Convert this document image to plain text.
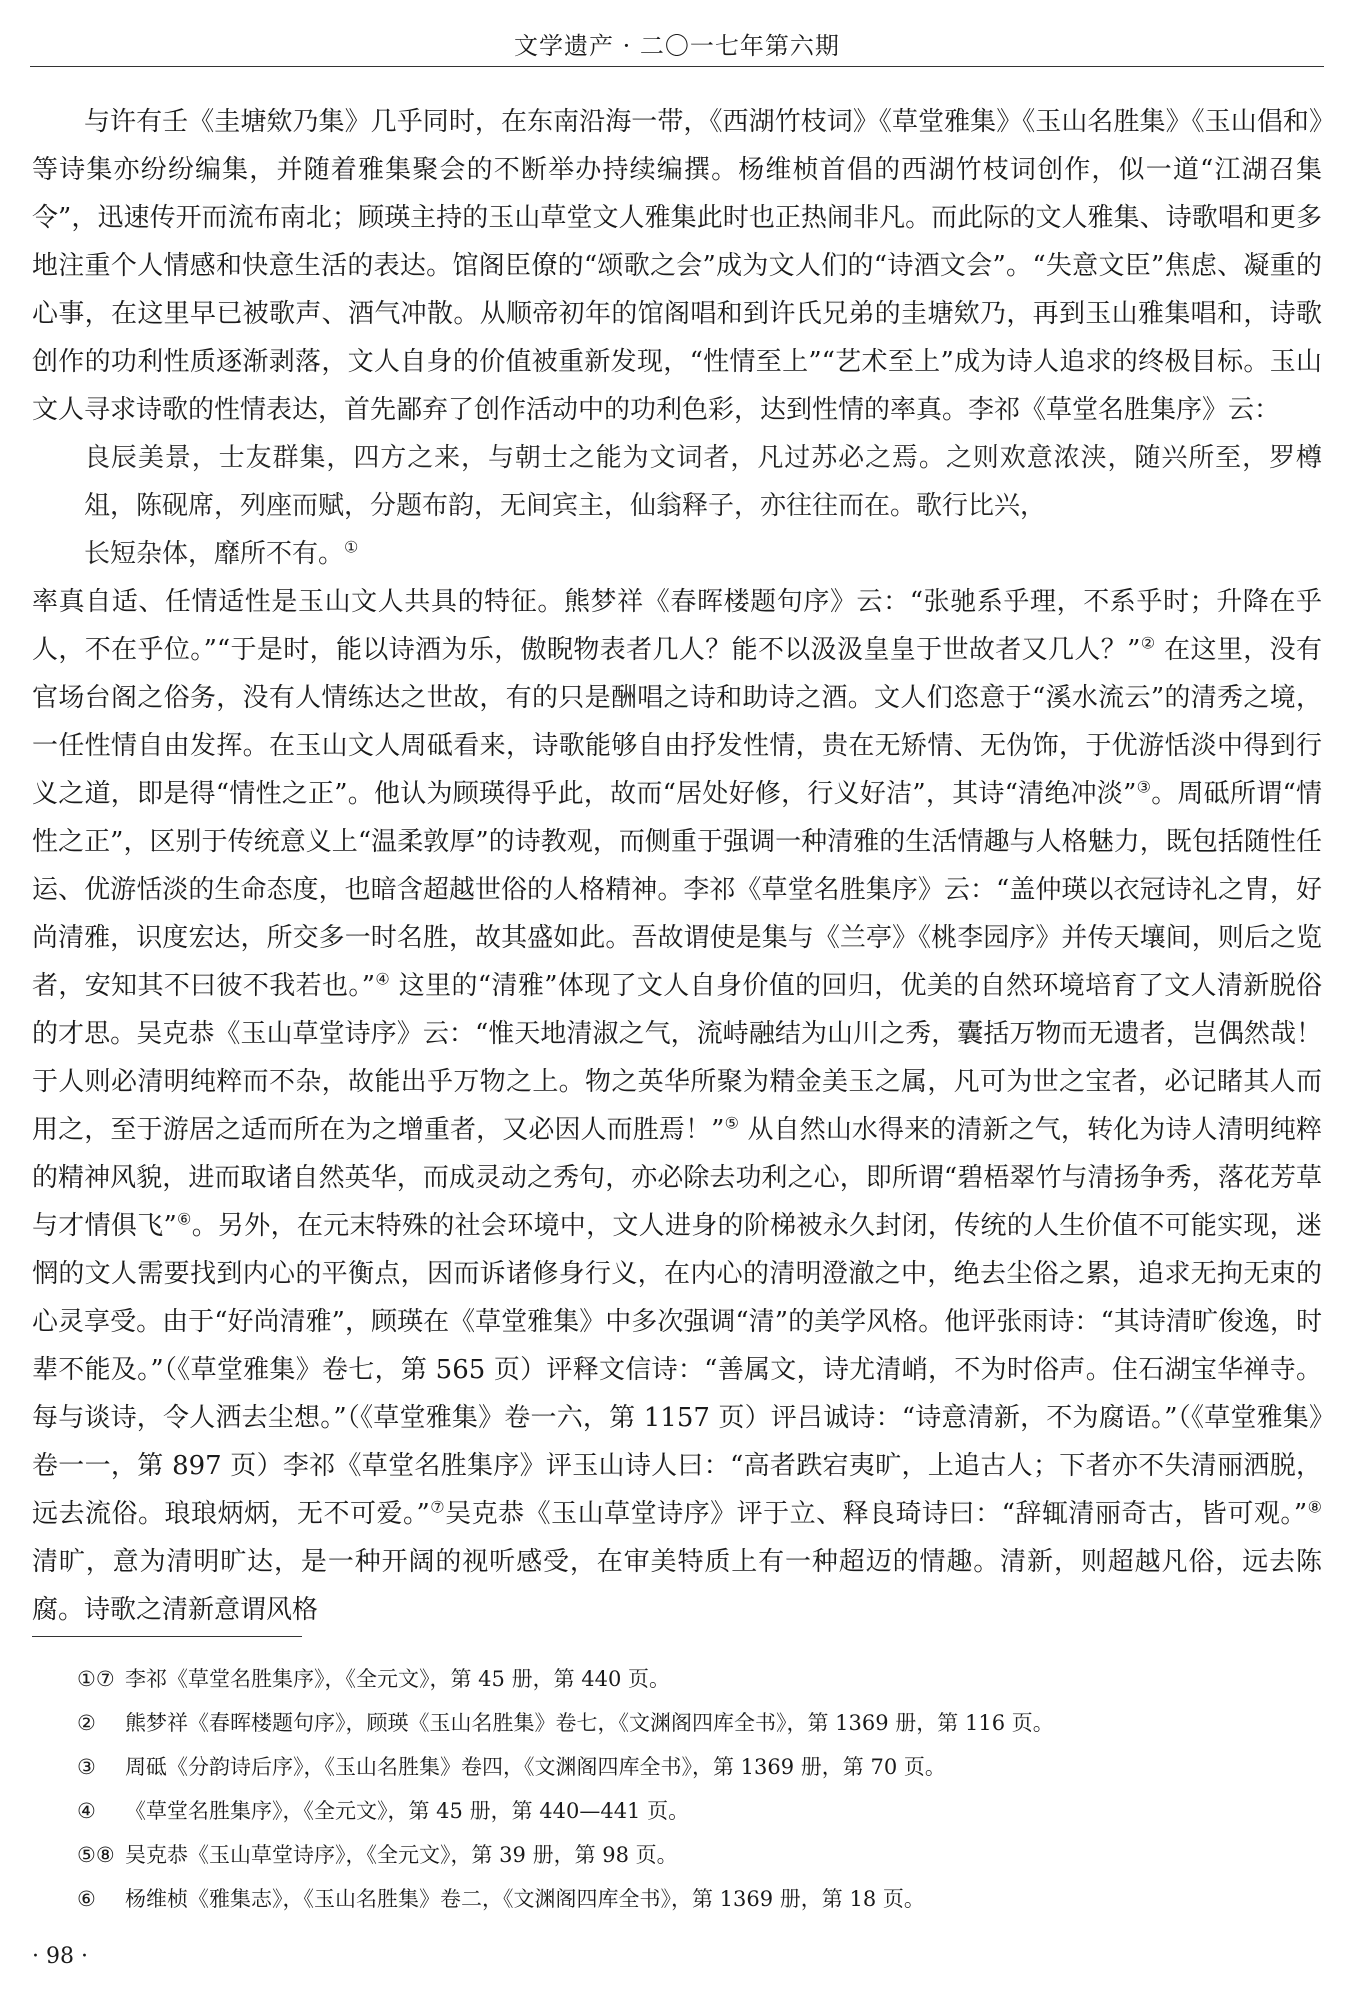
文学遗产 · 二〇一七年第六期

与许有壬《圭塘欸乃集》几乎同时，在东南沿海一带，《西湖竹枝词》《草堂雅集》《玉山名胜集》《玉山倡和》等诗集亦纷纷编集，并随着雅集聚会的不断举办持续编撰。杨维桢首倡的西湖竹枝词创作，似一道“江湖召集令”，迅速传开而流布南北；顾瑛主持的玉山草堂文人雅集此时也正热闹非凡。而此际的文人雅集、诗歌唱和更多地注重个人情感和快意生活的表达。馆阁臣僚的“颂歌之会”成为文人们的“诗酒文会”。“失意文臣”焦虑、凝重的心事，在这里早已被歌声、酒气冲散。从顺帝初年的馆阁唱和到许氏兄弟的圭塘欸乃，再到玉山雅集唱和，诗歌创作的功利性质逐渐剥落，文人自身的价值被重新发现，“性情至上”“艺术至上”成为诗人追求的终极目标。玉山文人寻求诗歌的性情表达，首先鄙弃了创作活动中的功利色彩，达到性情的率真。李祁《草堂名胜集序》云：

良辰美景，士友群集，四方之来，与朝士之能为文词者，凡过苏必之焉。之则欢意浓浃，随兴所至，罗樽俎，陈砚席，列座而赋，分题布韵，无间宾主，仙翁释子，亦往往而在。歌行比兴，
长短杂体，靡所不有。①

率真自适、任情适性是玉山文人共具的特征。熊梦祥《春晖楼题句序》云：“张驰系乎理，不系乎时；升降在乎人，不在乎位。”“于是时，能以诗酒为乐，傲睨物表者几人？能不以汲汲皇皇于世故者又几人？”② 在这里，没有官场台阁之俗务，没有人情练达之世故，有的只是酬唱之诗和助诗之酒。文人们恣意于“溪水流云”的清秀之境，一任性情自由发挥。在玉山文人周砥看来，诗歌能够自由抒发性情，贵在无矫情、无伪饰，于优游恬淡中得到行义之道，即是得“情性之正”。他认为顾瑛得乎此，故而“居处好修，行义好洁”，其诗“清绝冲淡”③。周砥所谓“情性之正”，区别于传统意义上“温柔敦厚”的诗教观，而侧重于强调一种清雅的生活情趣与人格魅力，既包括随性任运、优游恬淡的生命态度，也暗含超越世俗的人格精神。李祁《草堂名胜集序》云：“盖仲瑛以衣冠诗礼之胄，好尚清雅，识度宏达，所交多一时名胜，故其盛如此。吾故谓使是集与《兰亭》《桃李园序》并传天壤间，则后之览者，安知其不曰彼不我若也。”④ 这里的“清雅”体现了文人自身价值的回归，优美的自然环境培育了文人清新脱俗的才思。吴克恭《玉山草堂诗序》云：“惟天地清淑之气，流峙融结为山川之秀，囊括万物而无遗者，岂偶然哉！于人则必清明纯粹而不杂，故能出乎万物之上。物之英华所聚为精金美玉之属，凡可为世之宝者，必记睹其人而用之，至于游居之适而所在为之增重者，又必因人而胜焉！”⑤ 从自然山水得来的清新之气，转化为诗人清明纯粹的精神风貌，进而取诸自然英华，而成灵动之秀句，亦必除去功利之心，即所谓“碧梧翠竹与清扬争秀，落花芳草与才情俱飞”⑥。另外，在元末特殊的社会环境中，文人进身的阶梯被永久封闭，传统的人生价值不可能实现，迷惘的文人需要找到内心的平衡点，因而诉诸修身行义，在内心的清明澄澈之中，绝去尘俗之累，追求无拘无束的心灵享受。由于“好尚清雅”，顾瑛在《草堂雅集》中多次强调“清”的美学风格。他评张雨诗：“其诗清旷俊逸，时辈不能及。”（《草堂雅集》卷七，第 565 页）评释文信诗：“善属文，诗尤清峭，不为时俗声。住石湖宝华禅寺。每与谈诗，令人洒去尘想。”（《草堂雅集》卷一六，第 1157 页）评吕诚诗：“诗意清新，不为腐语。”（《草堂雅集》卷一一，第 897 页）李祁《草堂名胜集序》评玉山诗人曰：“高者跌宕夷旷，上追古人；下者亦不失清丽洒脱，远去流俗。琅琅炳炳，无不可爱。”⑦吴克恭《玉山草堂诗序》评于立、释良琦诗曰：“辞辄清丽奇古，皆可观。”⑧清旷，意为清明旷达，是一种开阔的视听感受，在审美特质上有一种超迈的情趣。清新，则超越凡俗，远去陈腐。诗歌之清新意谓风格

①⑦ 李祁《草堂名胜集序》，《全元文》，第 45 册，第 440 页。

② 熊梦祥《春晖楼题句序》，顾瑛《玉山名胜集》卷七，《文渊阁四库全书》，第 1369 册，第 116 页。

③ 周砥《分韵诗后序》，《玉山名胜集》卷四，《文渊阁四库全书》，第 1369 册，第 70 页。

④ 《草堂名胜集序》，《全元文》，第 45 册，第 440—441 页。

⑤⑧ 吴克恭《玉山草堂诗序》，《全元文》，第 39 册，第 98 页。

⑥ 杨维桢《雅集志》，《玉山名胜集》卷二，《文渊阁四库全书》，第 1369 册，第 18 页。

· 98 ·
